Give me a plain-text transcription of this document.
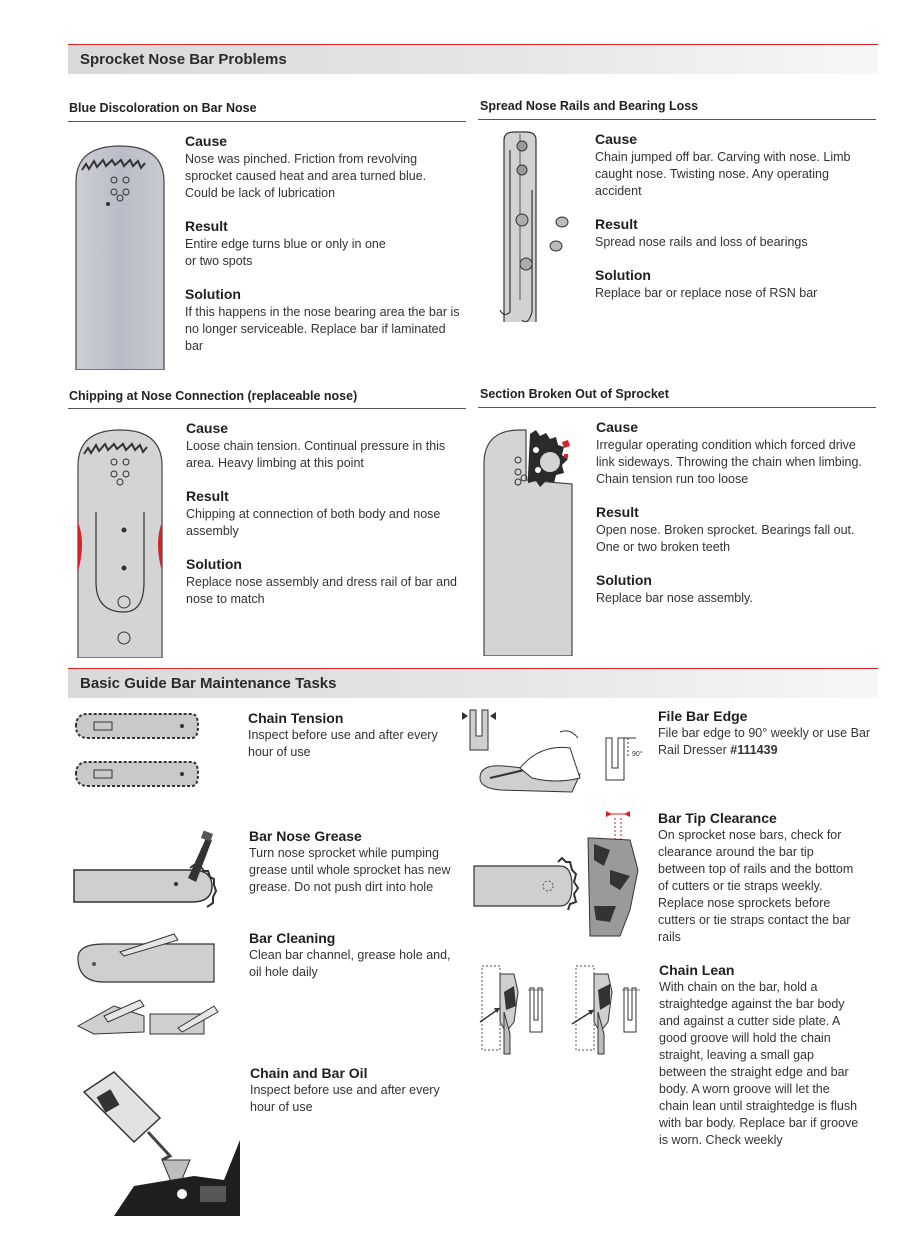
Sprocket Nose Bar Problems
Blue Discoloration on Bar Nose
Cause

Nose was pinched. Friction from revolving sprocket caused heat and area turned blue. Could be lack of lubrication

Result

Entire edge turns blue or only in one or two spots

Solution

If this happens in the nose bearing area the bar is no longer serviceable. Replace bar if laminated bar

Spread Nose Rails and Bearing Loss
Cause

Chain jumped off bar. Carving with nose. Limb caught nose. Twisting nose. Any operating accident

Result

Spread nose rails and loss of bearings

Solution

Replace bar or replace nose of RSN bar

Chipping at Nose Connection (replaceable nose)
Cause

Loose chain tension. Continual pressure in this area. Heavy limbing at this point

Result

Chipping at connection of both body and nose assembly

Solution

Replace nose assembly and dress rail of bar and nose to match

Section Broken Out of Sprocket
Cause

Irregular operating condition which forced drive link sideways. Throwing the chain when limbing. Chain tension run too loose

Result

Open nose. Broken sprocket. Bearings fall out. One or two broken teeth

Solution

Replace bar nose assembly.

Basic Guide Bar Maintenance Tasks
Chain Tension

Inspect before use and after every hour of use

Bar Nose Grease

Turn nose sprocket while pumping grease until whole sprocket has new grease. Do not push dirt into hole

Bar Cleaning

Clean bar channel, grease hole and, oil hole daily

Chain and Bar Oil

Inspect before use and after every hour of use

90°
File Bar Edge

File bar edge to 90° weekly or use Bar Rail Dresser #111439

Bar Tip Clearance

On sprocket nose bars, check for clearance around the bar tip between top of rails and the bottom of cutters or tie straps weekly. Replace nose sprockets before cutters or tie straps contact the bar rails

Chain Lean

With chain on the bar, hold a straightedge against the bar body and against a cutter side plate. A good groove will hold the chain straight, leaving a small gap between the straight edge and bar body. A worn groove will let the chain lean until straightedge is flush with bar body. Replace bar if groove is worn. Check weekly
